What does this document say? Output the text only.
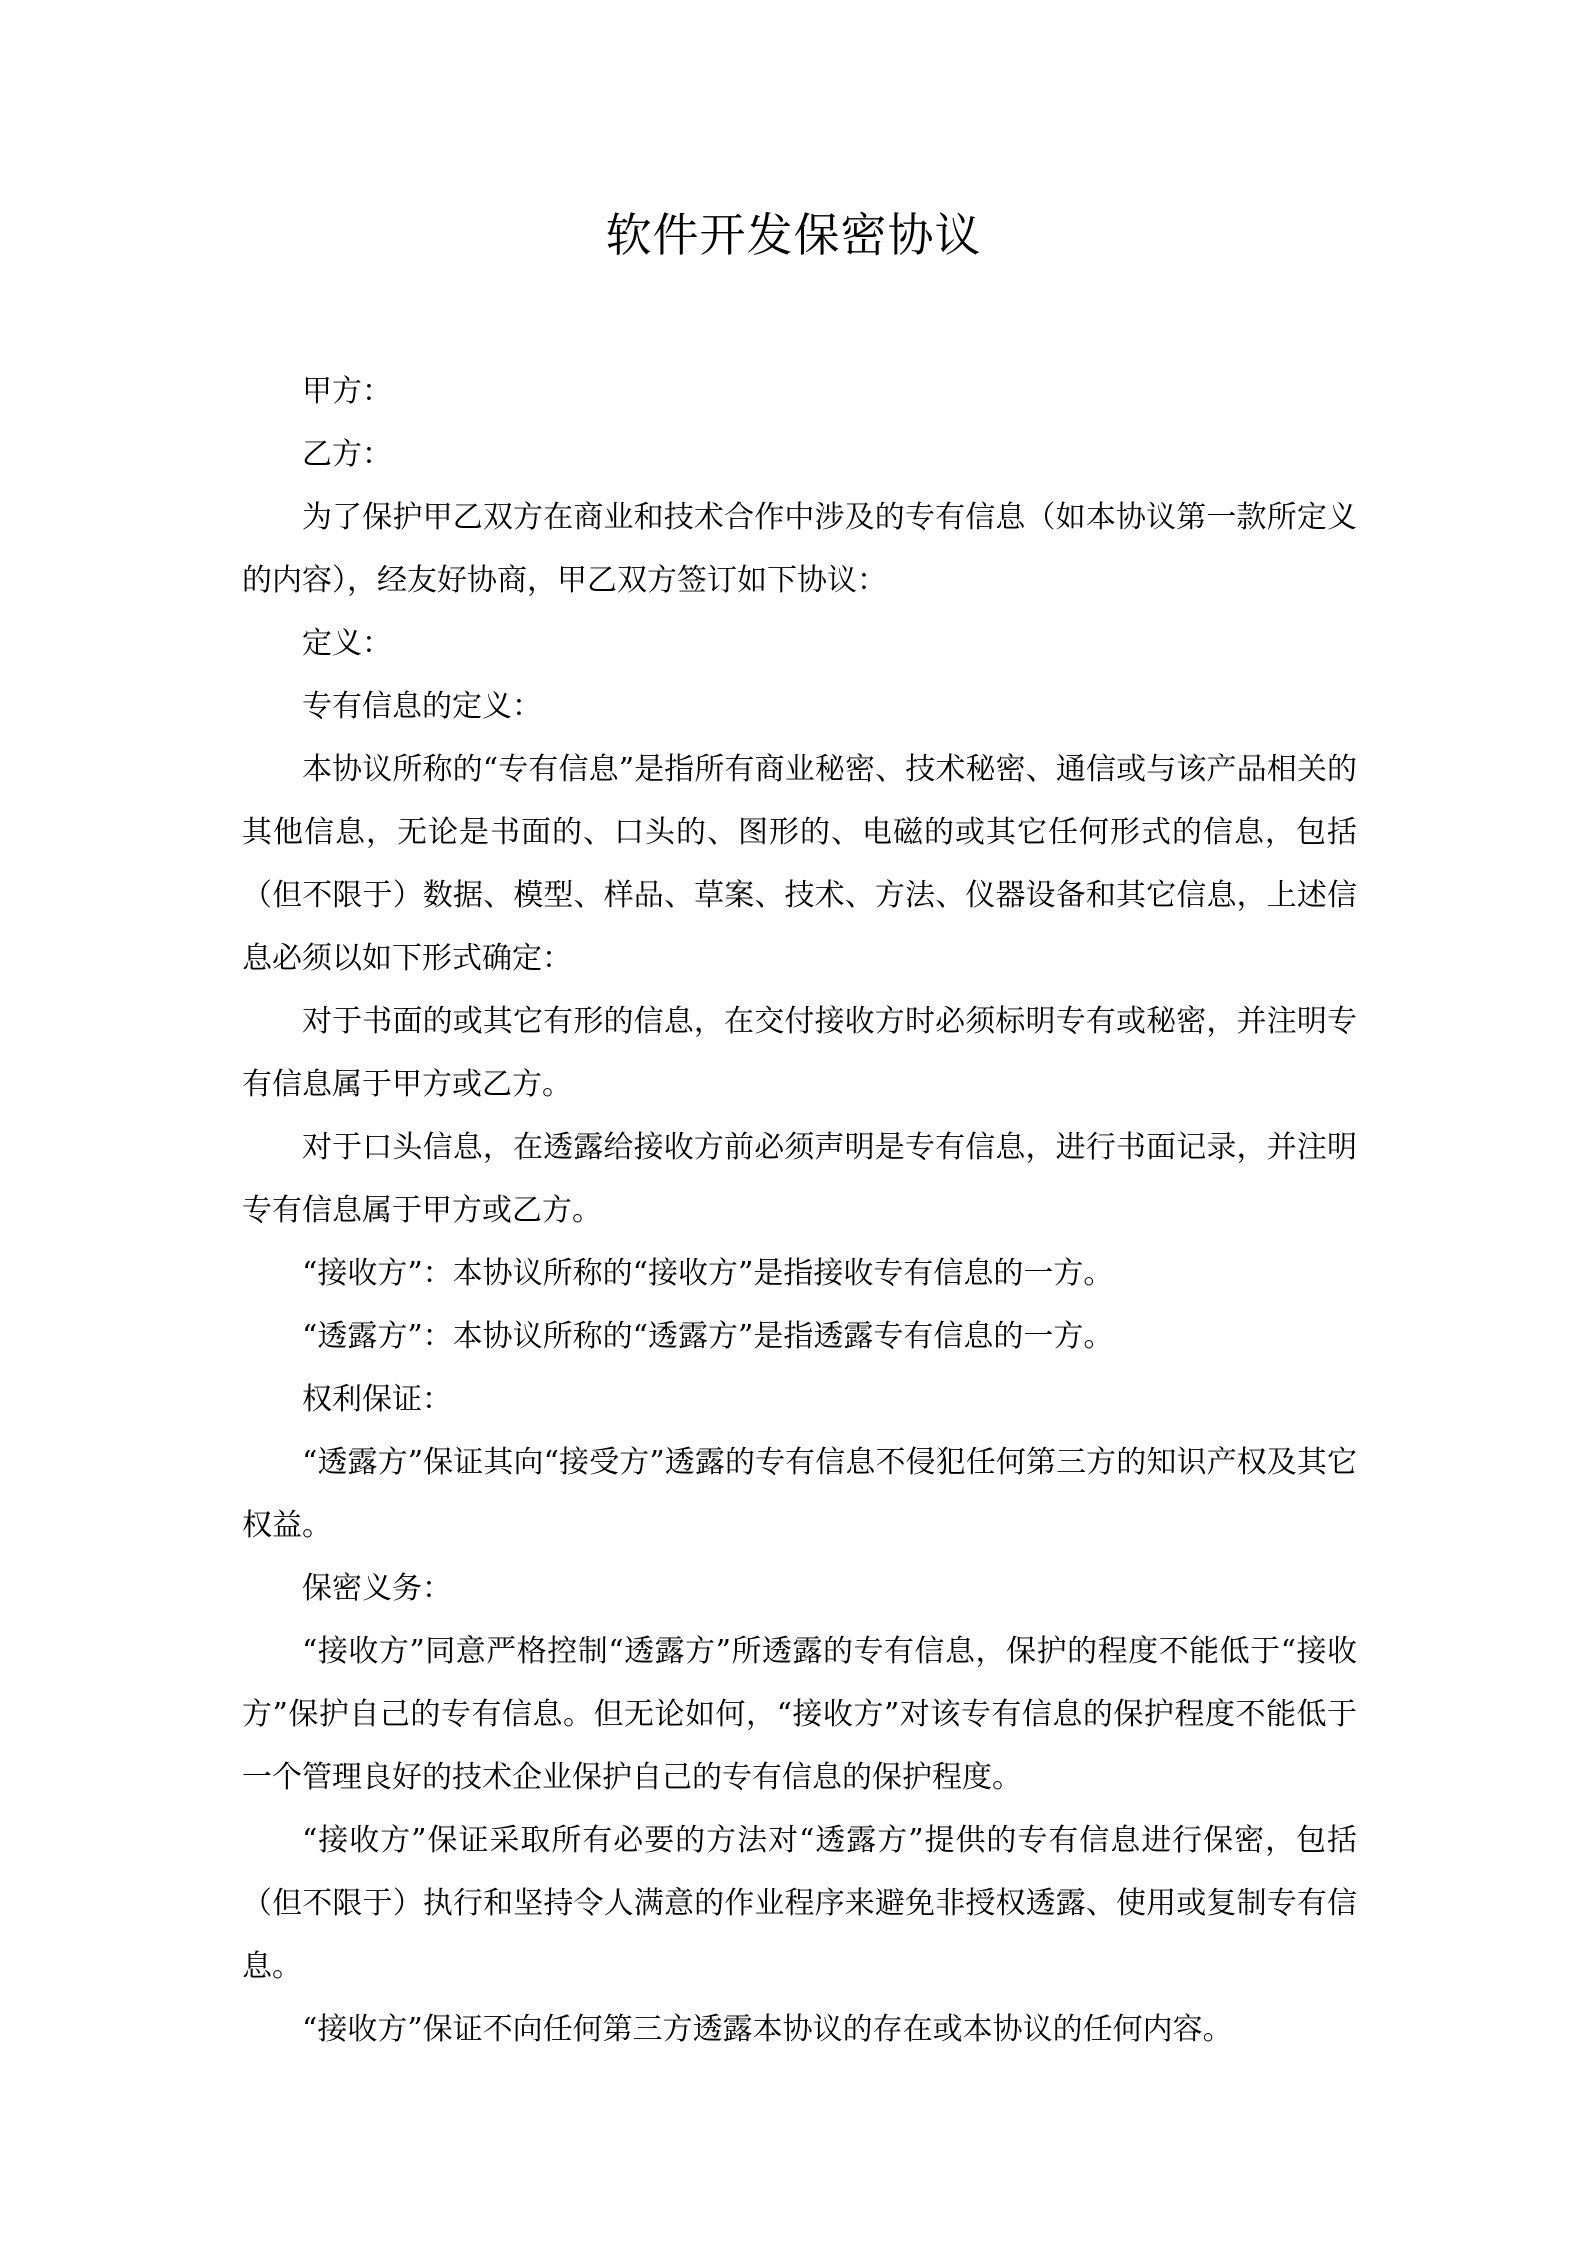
软件开发保密协议

甲方：

乙方：

为了保护甲乙双方在商业和技术合作中涉及的专有信息（如本协议第一款所定义的内容），经友好协商，甲乙双方签订如下协议：

定义：

专有信息的定义：

本协议所称的“专有信息”是指所有商业秘密、技术秘密、通信或与该产品相关的其他信息，无论是书面的、口头的、图形的、电磁的或其它任何形式的信息，包括（但不限于）数据、模型、样品、草案、技术、方法、仪器设备和其它信息，上述信息必须以如下形式确定：

对于书面的或其它有形的信息，在交付接收方时必须标明专有或秘密，并注明专有信息属于甲方或乙方。

对于口头信息，在透露给接收方前必须声明是专有信息，进行书面记录，并注明专有信息属于甲方或乙方。

“接收方”：本协议所称的“接收方”是指接收专有信息的一方。

“透露方”：本协议所称的“透露方”是指透露专有信息的一方。

权利保证：

“透露方”保证其向“接受方”透露的专有信息不侵犯任何第三方的知识产权及其它权益。

保密义务：

“接收方”同意严格控制“透露方”所透露的专有信息，保护的程度不能低于“接收方”保护自己的专有信息。但无论如何，“接收方”对该专有信息的保护程度不能低于一个管理良好的技术企业保护自己的专有信息的保护程度。

“接收方”保证采取所有必要的方法对“透露方”提供的专有信息进行保密，包括（但不限于）执行和坚持令人满意的作业程序来避免非授权透露、使用或复制专有信息。

“接收方”保证不向任何第三方透露本协议的存在或本协议的任何内容。
